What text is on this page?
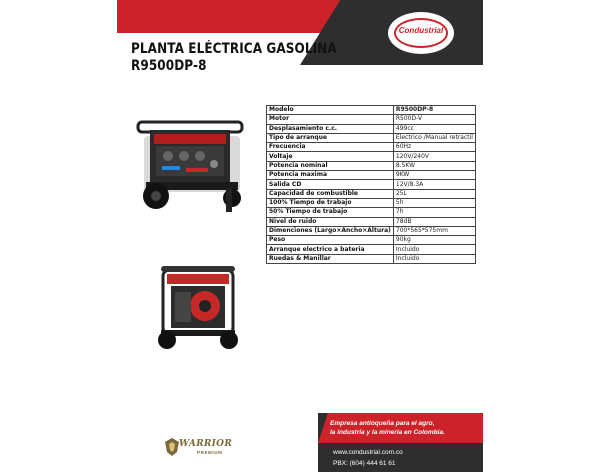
Condustrial
PLANTA ELÉCTRICA GASOLINA
R9500DP-8
Modelo	R9500DP-8
Motor	R500D-V
Desplasamiento c.c.	499cc
Tipo de arranque	Electrico /Manual retractil
Frecuencia	60Hz
Voltaje	120V/240V
Potencia nominal	8.5KW
Potencia maxima	9KW
Salida CD	12V/8.3A
Capacidad de combustible	25L
100% Tiempo de trabajo	5h
50% Tiempo de trabajo	7h
Nivel de ruido	78dB
Dimenciones (Largo×Ancho×Altura)	700*565*575mm
Peso	90kg
Arranque electrico a bateria	Incluido
Ruedas & Manillar	Incluido
WARRIOR
PREMIUM
Empresa antioqueña para el agro,
la industria y la mineria en Colombia.
www.condustrial.com.co
PBX: (604) 444 61 61
